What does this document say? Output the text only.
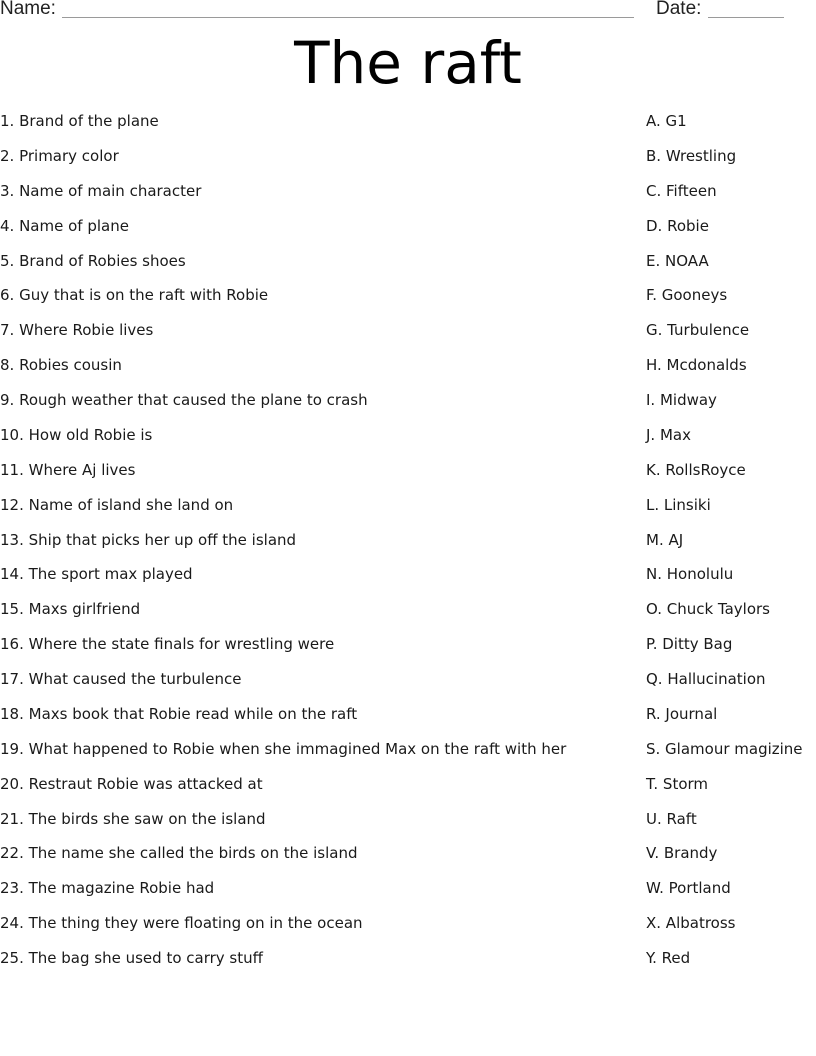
Name:	Date:
The raft
1. Brand of the plane
2. Primary color
3. Name of main character
4. Name of plane
5. Brand of Robies shoes
6. Guy that is on the raft with Robie
7. Where Robie lives
8. Robies cousin
9. Rough weather that caused the plane to crash
10. How old Robie is
11. Where Aj lives
12. Name of island she land on
13. Ship that picks her up off the island
14. The sport max played
15. Maxs girlfriend
16. Where the state finals for wrestling were
17. What caused the turbulence
18. Maxs book that Robie read while on the raft
19. What happened to Robie when she immagined Max on the raft with her
20. Restraut Robie was attacked at
21. The birds she saw on the island
22. The name she called the birds on the island
23. The magazine Robie had
24. The thing they were floating on in the ocean
25. The bag she used to carry stuff
A. G1
B. Wrestling
C. Fifteen
D. Robie
E. NOAA
F. Gooneys
G. Turbulence
H. Mcdonalds
I. Midway
J. Max
K. RollsRoyce
L. Linsiki
M. AJ
N. Honolulu
O. Chuck Taylors
P. Ditty Bag
Q. Hallucination
R. Journal
S. Glamour magizine
T. Storm
U. Raft
V. Brandy
W. Portland
X. Albatross
Y. Red
